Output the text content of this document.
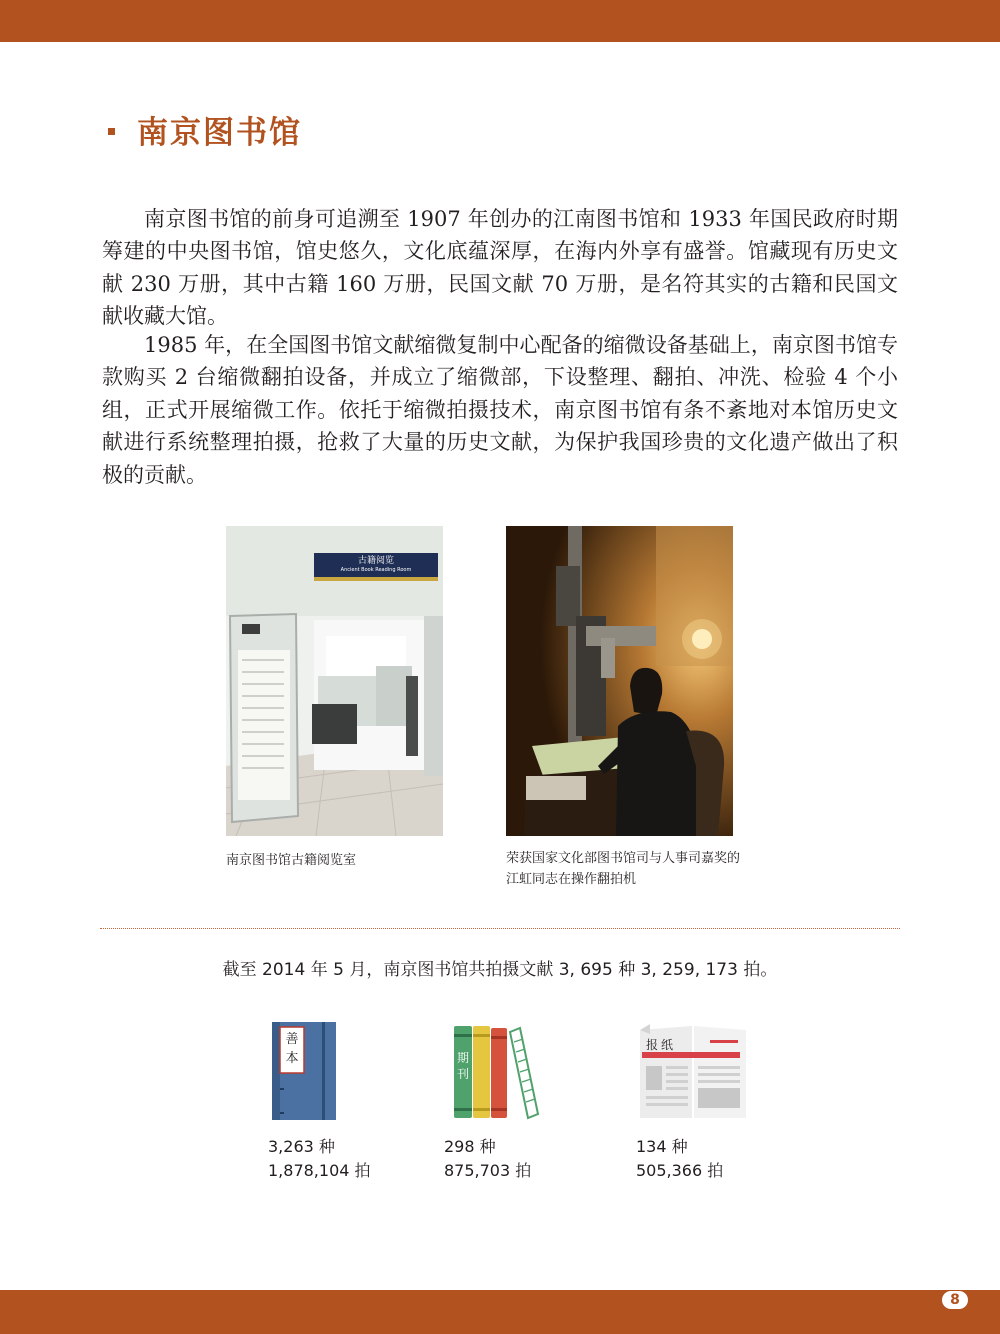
南京图书馆

南京图书馆的前身可追溯至 1907 年创办的江南图书馆和 1933 年国民政府时期筹建的中央图书馆，馆史悠久，文化底蕴深厚，在海内外享有盛誉。馆藏现有历史文献 230 万册，其中古籍 160 万册，民国文献 70 万册，是名符其实的古籍和民国文献收藏大馆。

1985 年，在全国图书馆文献缩微复制中心配备的缩微设备基础上，南京图书馆专款购买 2 台缩微翻拍设备，并成立了缩微部，下设整理、翻拍、冲洗、检验 4 个小组，正式开展缩微工作。依托于缩微拍摄技术，南京图书馆有条不紊地对本馆历史文献进行系统整理拍摄，抢救了大量的历史文献，为保护我国珍贵的文化遗产做出了积极的贡献。

古籍阅览
Ancient Book Reading Room
南京图书馆古籍阅览室	荣获国家文化部图书馆司与人事司嘉奖的江虹同志在操作翻拍机
截至 2014 年 5 月，南京图书馆共拍摄文献 3, 695 种 3, 259, 173 拍。
善本	期刊
报纸
3,263 种
1,878,104 拍
298 种
875,703 拍
134 种
505,366 拍
8
